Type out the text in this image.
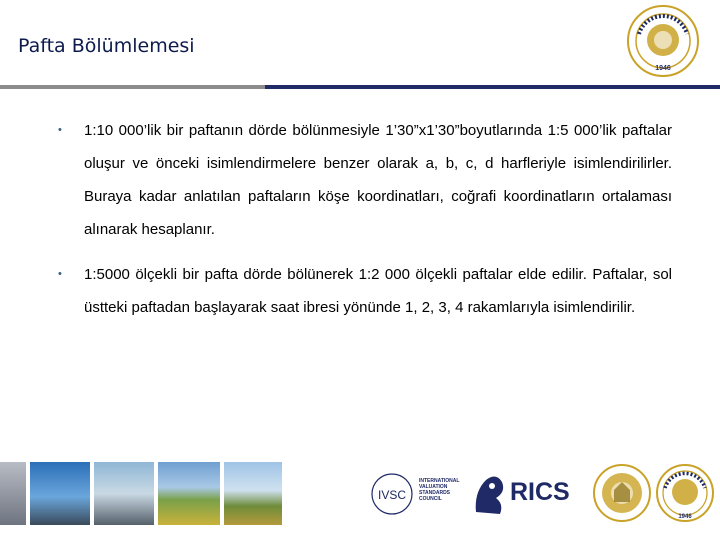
Pafta Bölümlemesi
1946
• 1:10 000’lik bir paftanın dörde bölünmesiyle 1’30”x1’30”boyutlarında 1:5 000’lik paftalar oluşur ve önceki isimlendirmelere benzer olarak a, b, c, d harfleriyle isimlendirilirler. Buraya kadar anlatılan paftaların köşe koordinatları, coğrafi koordinatların ortalaması alınarak hesaplanır.
• 1:5000 ölçekli bir pafta dörde bölünerek 1:2 000 ölçekli paftalar elde edilir. Paftalar, sol üstteki paftadan başlayarak saat ibresi yönünde 1, 2, 3, 4 rakamlarıyla isimlendirilir.
IVSC
INTERNATIONAL
VALUATION
STANDARDS
COUNCIL	RICS
1946
